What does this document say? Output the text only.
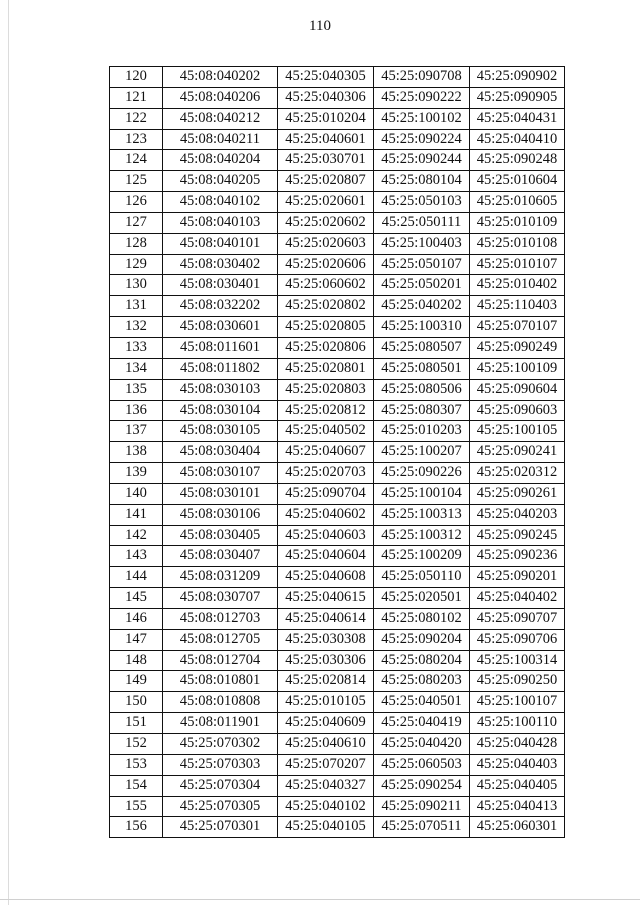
110
120	45:08:040202	45:25:040305	45:25:090708	45:25:090902
121	45:08:040206	45:25:040306	45:25:090222	45:25:090905
122	45:08:040212	45:25:010204	45:25:100102	45:25:040431
123	45:08:040211	45:25:040601	45:25:090224	45:25:040410
124	45:08:040204	45:25:030701	45:25:090244	45:25:090248
125	45:08:040205	45:25:020807	45:25:080104	45:25:010604
126	45:08:040102	45:25:020601	45:25:050103	45:25:010605
127	45:08:040103	45:25:020602	45:25:050111	45:25:010109
128	45:08:040101	45:25:020603	45:25:100403	45:25:010108
129	45:08:030402	45:25:020606	45:25:050107	45:25:010107
130	45:08:030401	45:25:060602	45:25:050201	45:25:010402
131	45:08:032202	45:25:020802	45:25:040202	45:25:110403
132	45:08:030601	45:25:020805	45:25:100310	45:25:070107
133	45:08:011601	45:25:020806	45:25:080507	45:25:090249
134	45:08:011802	45:25:020801	45:25:080501	45:25:100109
135	45:08:030103	45:25:020803	45:25:080506	45:25:090604
136	45:08:030104	45:25:020812	45:25:080307	45:25:090603
137	45:08:030105	45:25:040502	45:25:010203	45:25:100105
138	45:08:030404	45:25:040607	45:25:100207	45:25:090241
139	45:08:030107	45:25:020703	45:25:090226	45:25:020312
140	45:08:030101	45:25:090704	45:25:100104	45:25:090261
141	45:08:030106	45:25:040602	45:25:100313	45:25:040203
142	45:08:030405	45:25:040603	45:25:100312	45:25:090245
143	45:08:030407	45:25:040604	45:25:100209	45:25:090236
144	45:08:031209	45:25:040608	45:25:050110	45:25:090201
145	45:08:030707	45:25:040615	45:25:020501	45:25:040402
146	45:08:012703	45:25:040614	45:25:080102	45:25:090707
147	45:08:012705	45:25:030308	45:25:090204	45:25:090706
148	45:08:012704	45:25:030306	45:25:080204	45:25:100314
149	45:08:010801	45:25:020814	45:25:080203	45:25:090250
150	45:08:010808	45:25:010105	45:25:040501	45:25:100107
151	45:08:011901	45:25:040609	45:25:040419	45:25:100110
152	45:25:070302	45:25:040610	45:25:040420	45:25:040428
153	45:25:070303	45:25:070207	45:25:060503	45:25:040403
154	45:25:070304	45:25:040327	45:25:090254	45:25:040405
155	45:25:070305	45:25:040102	45:25:090211	45:25:040413
156	45:25:070301	45:25:040105	45:25:070511	45:25:060301
